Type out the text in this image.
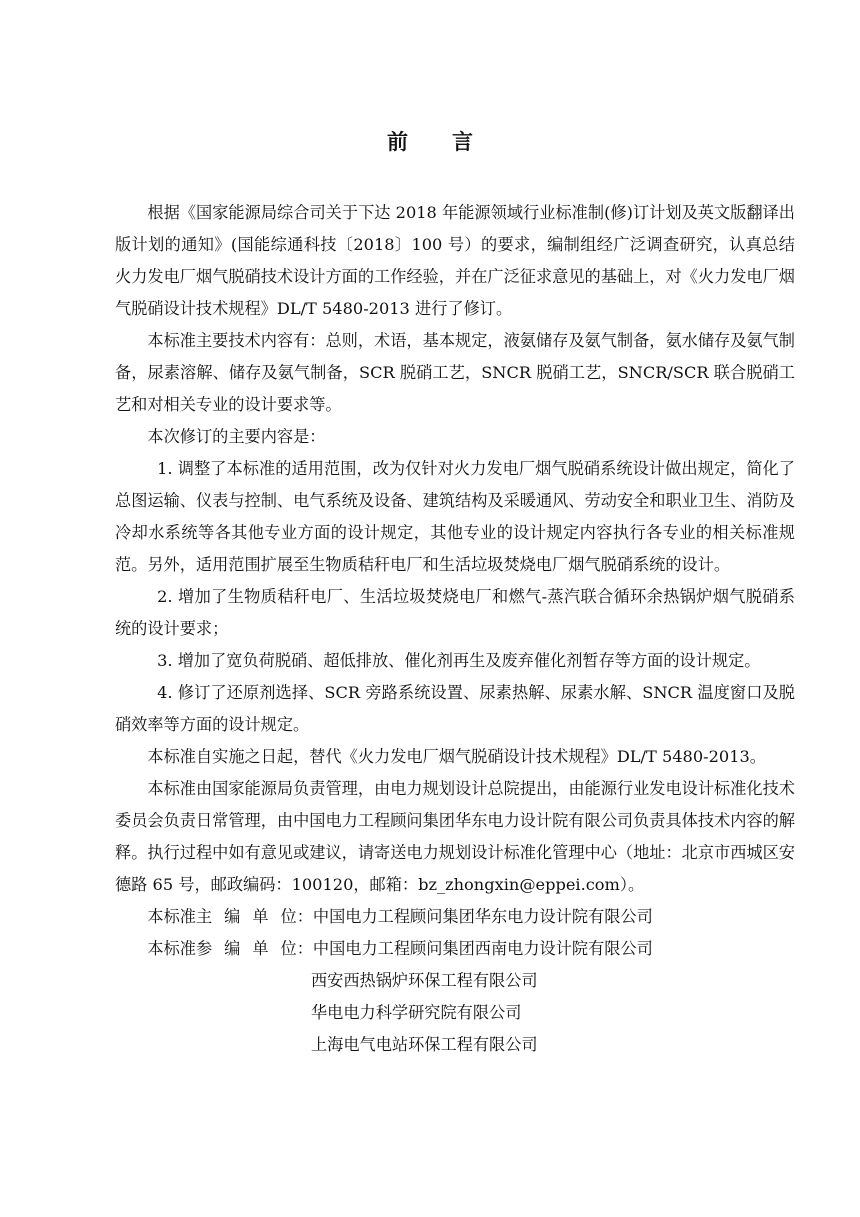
前言

根据《国家能源局综合司关于下达 2018 年能源领域行业标准制(修)订计划及英文版翻译出版计划的通知》(国能综通科技〔2018〕100 号）的要求，编制组经广泛调查研究，认真总结火力发电厂烟气脱硝技术设计方面的工作经验，并在广泛征求意见的基础上，对《火力发电厂烟气脱硝设计技术规程》DL/T 5480-2013 进行了修订。

本标准主要技术内容有：总则，术语，基本规定，液氨储存及氨气制备，氨水储存及氨气制备，尿素溶解、储存及氨气制备，SCR 脱硝工艺，SNCR 脱硝工艺，SNCR/SCR 联合脱硝工艺和对相关专业的设计要求等。

本次修订的主要内容是：

1. 调整了本标准的适用范围，改为仅针对火力发电厂烟气脱硝系统设计做出规定，简化了总图运输、仪表与控制、电气系统及设备、建筑结构及采暖通风、劳动安全和职业卫生、消防及冷却水系统等各其他专业方面的设计规定，其他专业的设计规定内容执行各专业的相关标准规范。另外，适用范围扩展至生物质秸秆电厂和生活垃圾焚烧电厂烟气脱硝系统的设计。

2. 增加了生物质秸秆电厂、生活垃圾焚烧电厂和燃气-蒸汽联合循环余热锅炉烟气脱硝系统的设计要求；

3. 增加了宽负荷脱硝、超低排放、催化剂再生及废弃催化剂暂存等方面的设计规定。

4. 修订了还原剂选择、SCR 旁路系统设置、尿素热解、尿素水解、SNCR 温度窗口及脱硝效率等方面的设计规定。

本标准自实施之日起，替代《火力发电厂烟气脱硝设计技术规程》DL/T 5480-2013。

本标准由国家能源局负责管理，由电力规划设计总院提出，由能源行业发电设计标准化技术委员会负责日常管理，由中国电力工程顾问集团华东电力设计院有限公司负责具体技术内容的解释。执行过程中如有意见或建议，请寄送电力规划设计标准化管理中心（地址：北京市西城区安德路 65 号，邮政编码：100120，邮箱：bz_zhongxin@eppei.com）。

本标准主 编 单 位：中国电力工程顾问集团华东电力设计院有限公司
本标准参 编 单 位：中国电力工程顾问集团西南电力设计院有限公司
西安西热锅炉环保工程有限公司
华电电力科学研究院有限公司
上海电气电站环保工程有限公司
